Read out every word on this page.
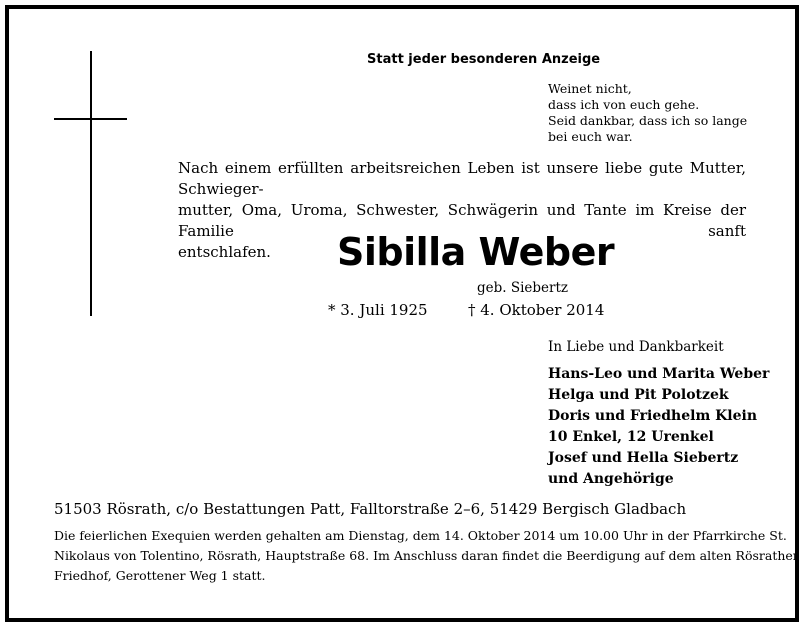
Statt jeder besonderen Anzeige
Weinet nicht,
dass ich von euch gehe.
Seid dankbar, dass ich so lange
bei euch war.
Nach einem erfüllten arbeitsreichen Leben ist unsere liebe gute Mutter, Schwieger-
mutter, Oma, Uroma, Schwester, Schwägerin und Tante im Kreise der Familie sanft
entschlafen.	Sibilla Weber
geb. Siebertz
* 3. Juli 1925	† 4. Oktober 2014
In Liebe und Dankbarkeit
Hans-Leo und Marita Weber
Helga und Pit Polotzek
Doris und Friedhelm Klein
10 Enkel, 12 Urenkel
Josef und Hella Siebertz
und Angehörige
51503 Rösrath, c/o Bestattungen Patt, Falltorstraße 2–6, 51429 Bergisch Gladbach
Die feierlichen Exequien werden gehalten am Dienstag, dem 14. Oktober 2014 um 10.00 Uhr in der Pfarrkirche St.
Nikolaus von Tolentino, Rösrath, Hauptstraße 68. Im Anschluss daran findet die Beerdigung auf dem alten Rösrather
Friedhof, Gerottener Weg 1 statt.
